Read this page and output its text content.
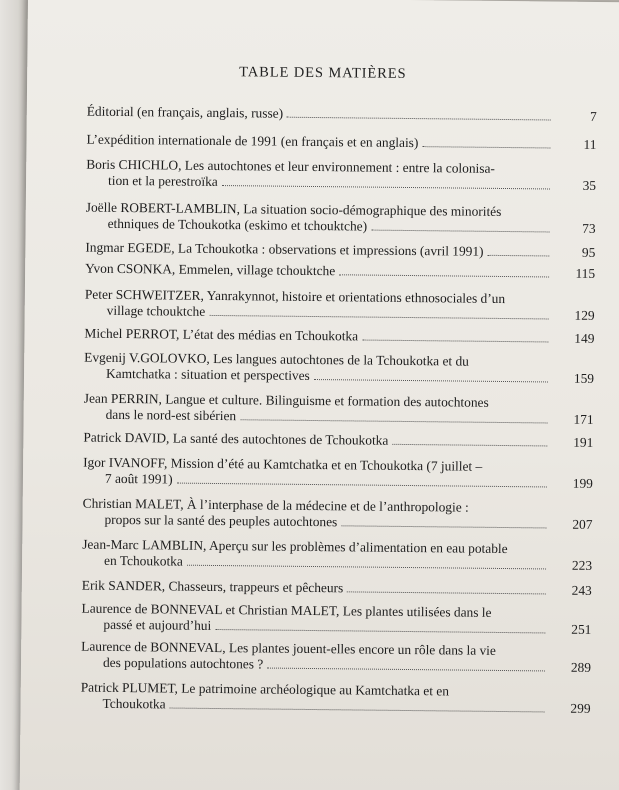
TABLE DES MATIÈRES
Éditorial (en français, anglais, russe)	7
L’expédition internationale de 1991 (en français et en anglais)	11
Boris CHICHLO, Les autochtones et leur environnement : entre la colonisa-
tion et la perestroïka	35
Joëlle ROBERT-LAMBLIN, La situation socio-démographique des minorités
ethniques de Tchoukotka (eskimo et tchouktche)	73
Ingmar EGEDE, La Tchoukotka : observations et impressions (avril 1991)	95
Yvon CSONKA, Emmelen, village tchouktche	115
Peter SCHWEITZER, Yanrakynnot, histoire et orientations ethnosociales d’un
village tchouktche	129
Michel PERROT, L’état des médias en Tchoukotka	149
Evgenij V.GOLOVKO, Les langues autochtones de la Tchoukotka et du
Kamtchatka : situation et perspectives	159
Jean PERRIN, Langue et culture. Bilinguisme et formation des autochtones
dans le nord-est sibérien	171
Patrick DAVID, La santé des autochtones de Tchoukotka	191
Igor IVANOFF, Mission d’été au Kamtchatka et en Tchoukotka (7 juillet –
7 août 1991)	199
Christian MALET, À l’interphase de la médecine et de l’anthropologie :
propos sur la santé des peuples autochtones	207
Jean-Marc LAMBLIN, Aperçu sur les problèmes d’alimentation en eau potable
en Tchoukotka	223
Erik SANDER, Chasseurs, trappeurs et pêcheurs	243
Laurence de BONNEVAL et Christian MALET, Les plantes utilisées dans le
passé et aujourd’hui	251
Laurence de BONNEVAL, Les plantes jouent-elles encore un rôle dans la vie
des populations autochtones ?	289
Patrick PLUMET, Le patrimoine archéologique au Kamtchatka et en
Tchoukotka	299
